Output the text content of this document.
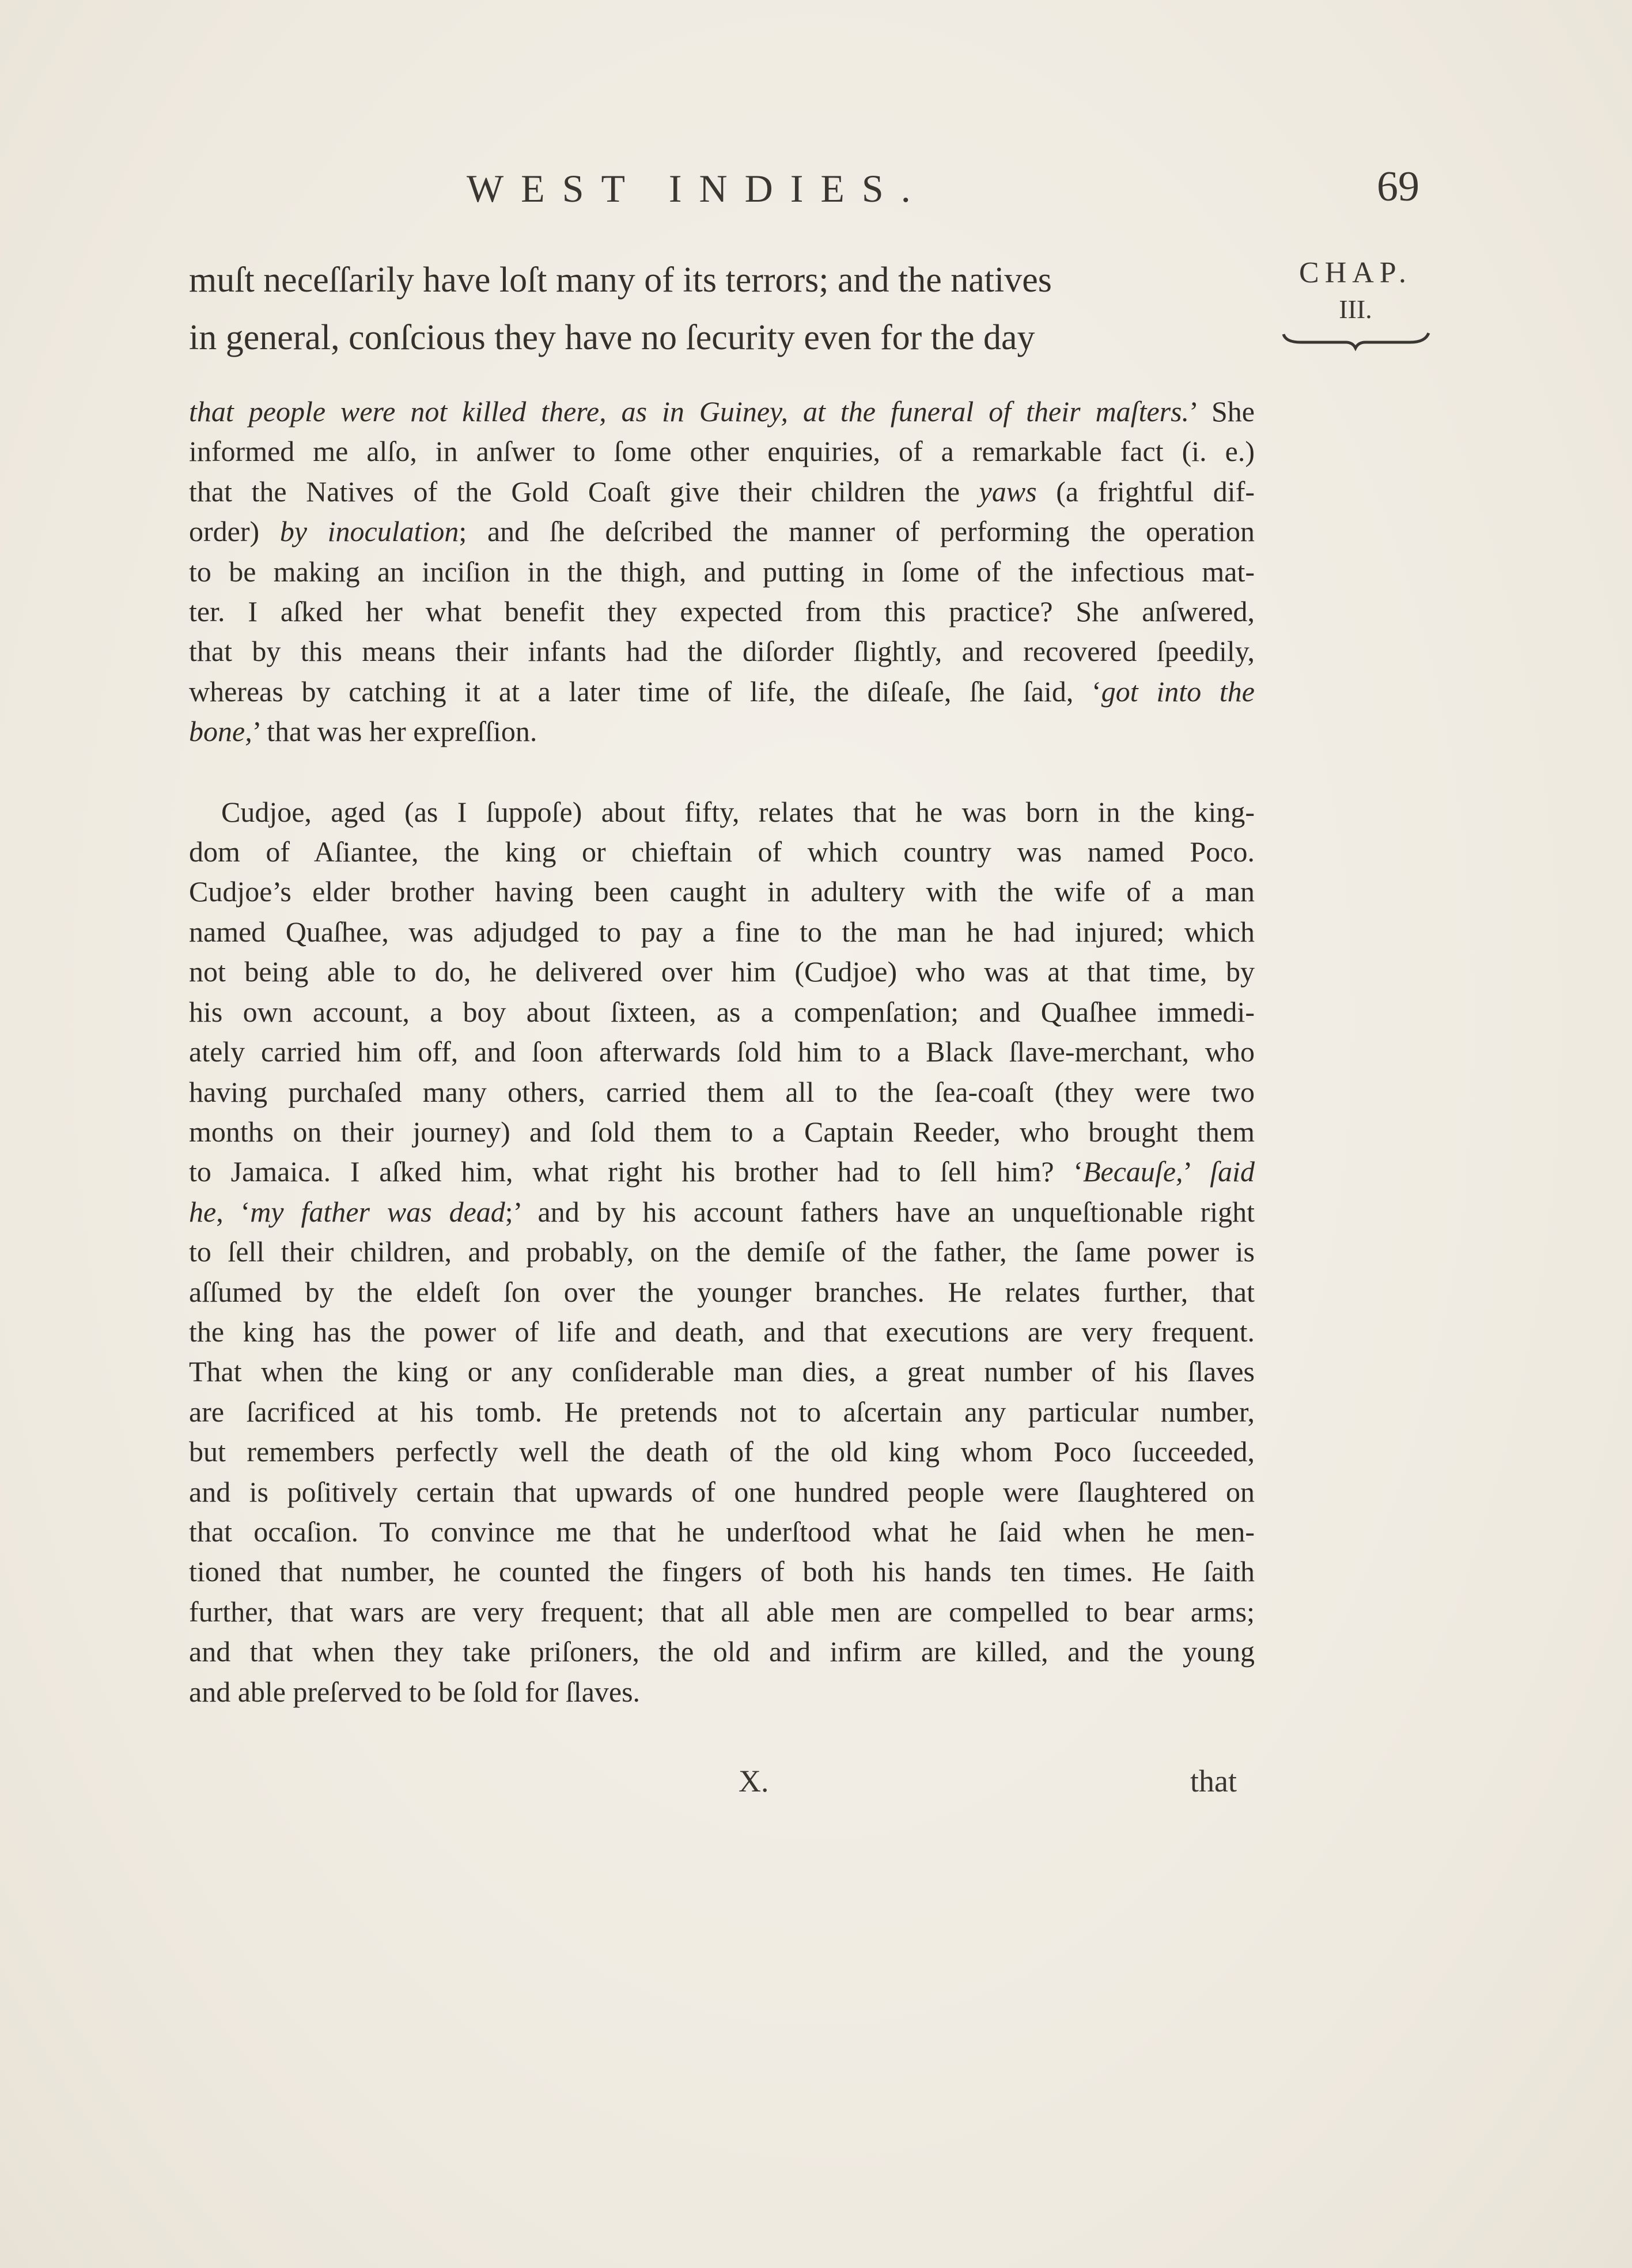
WEST INDIES.	69
muſt neceſſarily have loſt many of its terrors; and the natives
in general, conſcious they have no ſecurity even for the day
CHAP.
III.
that people were not killed there, as in Guiney, at the funeral of their maſters.’ She
informed me alſo, in anſwer to ſome other enquiries, of a remarkable fact (i. e.)
that the Natives of the Gold Coaſt give their children the yaws (a frightful dif-
order) by inoculation; and ſhe deſcribed the manner of performing the operation
to be making an inciſion in the thigh, and putting in ſome of the infectious mat-
ter. I aſked her what benefit they expected from this practice? She anſwered,
that by this means their infants had the diſorder ſlightly, and recovered ſpeedily,
whereas by catching it at a later time of life, the diſeaſe, ſhe ſaid, ‘got into the
bone,’ that was her expreſſion.
Cudjoe, aged (as I ſuppoſe) about fifty, relates that he was born in the king-
dom of Aſiantee, the king or chieftain of which country was named Poco.
Cudjoe’s elder brother having been caught in adultery with the wife of a man
named Quaſhee, was adjudged to pay a fine to the man he had injured; which
not being able to do, he delivered over him (Cudjoe) who was at that time, by
his own account, a boy about ſixteen, as a compenſation; and Quaſhee immedi-
ately carried him off, and ſoon afterwards ſold him to a Black ſlave-merchant, who
having purchaſed many others, carried them all to the ſea-coaſt (they were two
months on their journey) and ſold them to a Captain Reeder, who brought them
to Jamaica. I aſked him, what right his brother had to ſell him? ‘Becauſe,’ ſaid
he, ‘my father was dead;’ and by his account fathers have an unqueſtionable right
to ſell their children, and probably, on the demiſe of the father, the ſame power is
aſſumed by the eldeſt ſon over the younger branches. He relates further, that
the king has the power of life and death, and that executions are very frequent.
That when the king or any conſiderable man dies, a great number of his ſlaves
are ſacrificed at his tomb. He pretends not to aſcertain any particular number,
but remembers perfectly well the death of the old king whom Poco ſucceeded,
and is poſitively certain that upwards of one hundred people were ſlaughtered on
that occaſion. To convince me that he underſtood what he ſaid when he men-
tioned that number, he counted the fingers of both his hands ten times. He ſaith
further, that wars are very frequent; that all able men are compelled to bear arms;
and that when they take priſoners, the old and infirm are killed, and the young
and able preſerved to be ſold for ſlaves.
X.	that
